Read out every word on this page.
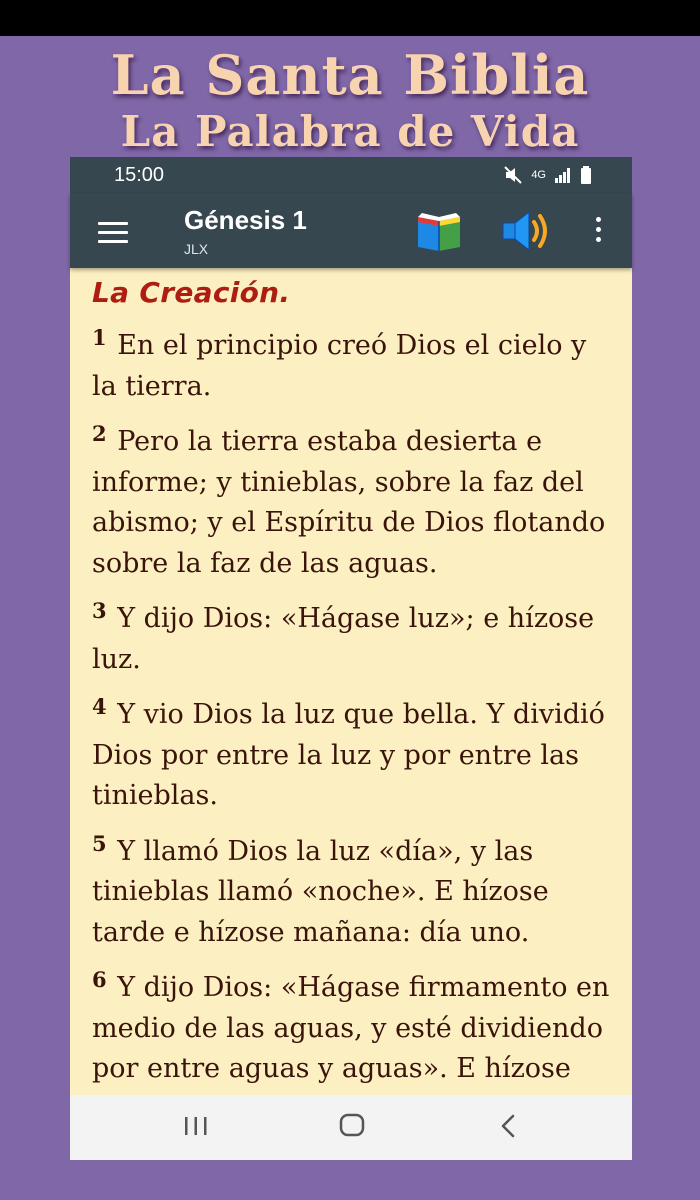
La Santa Biblia
La Palabra de Vida
15:00	4G
Génesis 1
JLX
La Creación.

$^1$ En el principio creó Dios el cielo y la tierra.

$^2$ Pero la tierra estaba desierta e informe; y tinieblas, sobre la faz del abismo; y el Espíritu de Dios flotando sobre la faz de las aguas.

$^3$ Y dijo Dios: «Hágase luz»; e hízose luz.

$^4$ Y vio Dios la luz que bella. Y dividió Dios por entre la luz y por entre las tinieblas.

$^5$ Y llamó Dios la luz «día», y las tinieblas llamó «noche». E hízose tarde e hízose mañana: día uno.

$^6$ Y dijo Dios: «Hágase firmamento en medio de las aguas, y esté dividiendo por entre aguas y aguas». E hízose
